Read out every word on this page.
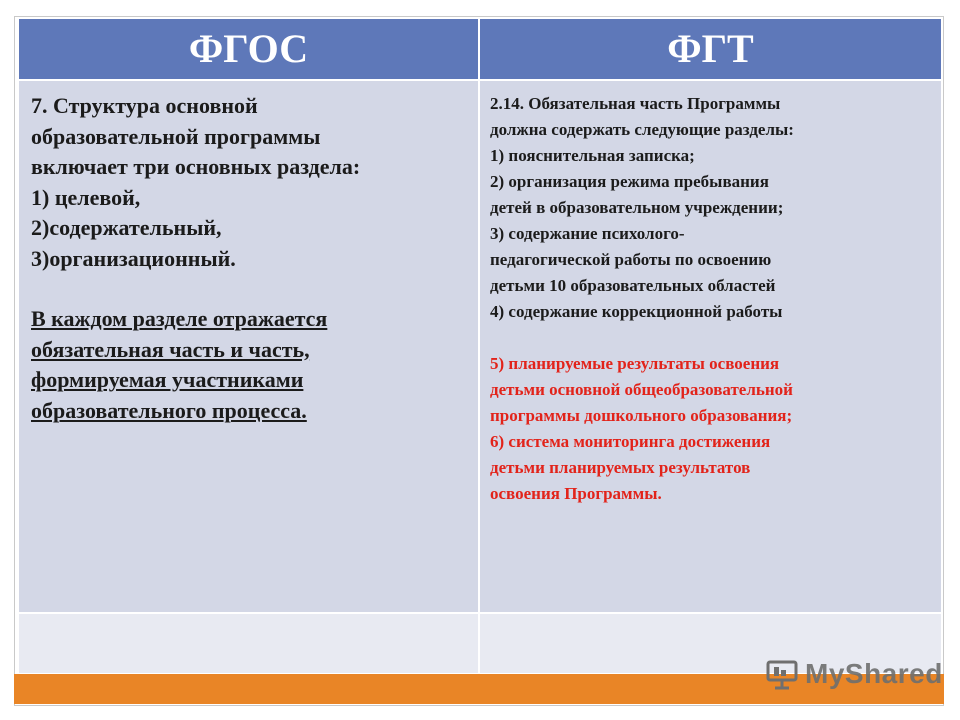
ФГОС	ФГТ
7. Структура основной
образовательной программы
включает три основных раздела:
1) целевой,
2)содержательный,
3)организационный.
В каждом разделе отражается
обязательная часть и часть,
формируемая участниками
образовательного процесса.
2.14. Обязательная часть Программы
должна содержать следующие разделы:
1) пояснительная записка;
2) организация режима пребывания
детей в образовательном учреждении;
3) содержание психолого-
педагогической работы по освоению
детьми 10 образовательных областей
4) содержание коррекционной работы
5) планируемые результаты освоения
детьми основной общеобразовательной
программы дошкольного образования;
6) система мониторинга достижения
детьми планируемых результатов
освоения Программы.
MyShared
